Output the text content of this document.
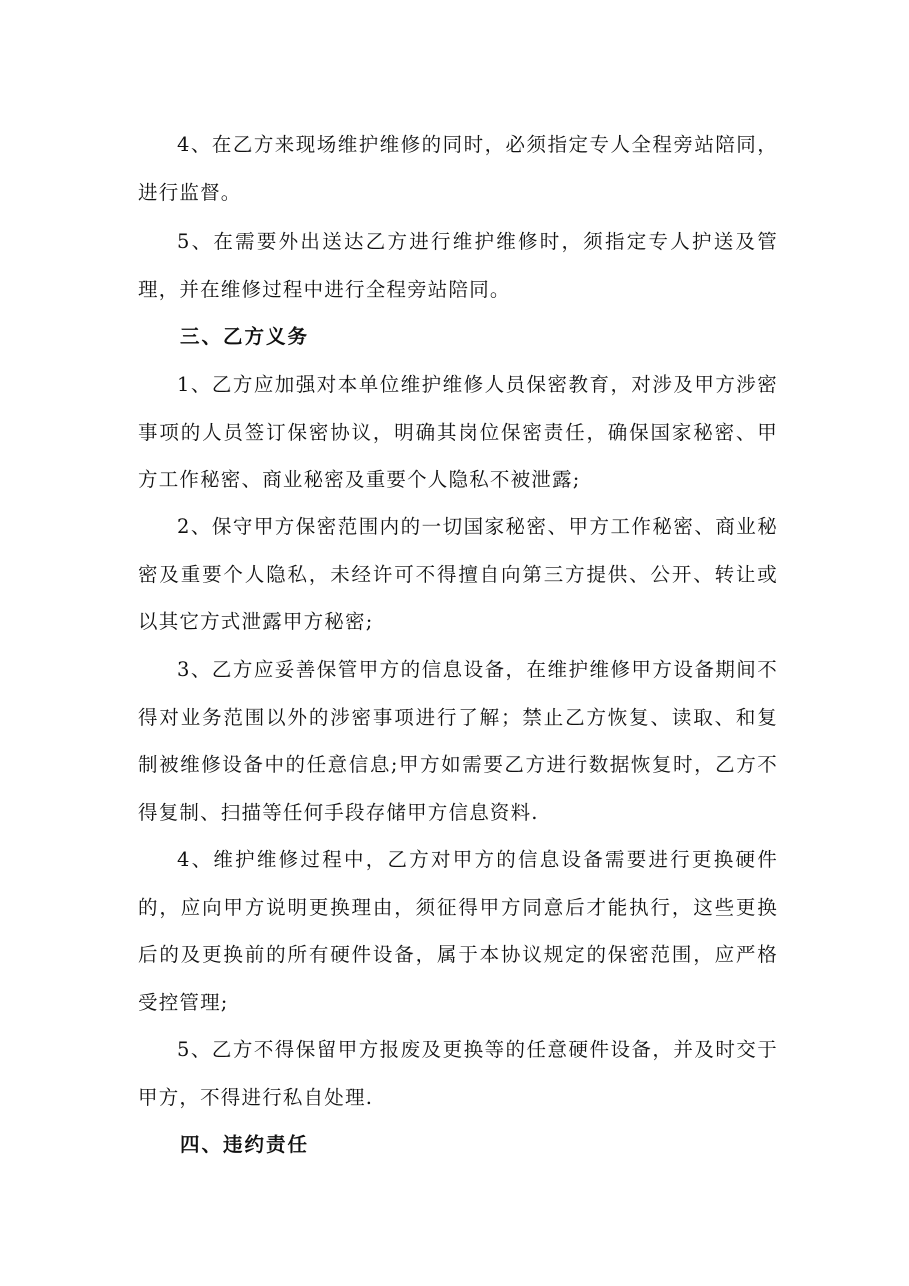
4、在乙方来现场维护维修的同时，必须指定专人全程旁站陪同，进行监督。

5、在需要外出送达乙方进行维护维修时，须指定专人护送及管理，并在维修过程中进行全程旁站陪同。

三、乙方义务

1、乙方应加强对本单位维护维修人员保密教育，对涉及甲方涉密事项的人员签订保密协议，明确其岗位保密责任，确保国家秘密、甲方工作秘密、商业秘密及重要个人隐私不被泄露;

2、保守甲方保密范围内的一切国家秘密、甲方工作秘密、商业秘密及重要个人隐私，未经许可不得擅自向第三方提供、公开、转让或以其它方式泄露甲方秘密;

3、乙方应妥善保管甲方的信息设备，在维护维修甲方设备期间不得对业务范围以外的涉密事项进行了解；禁止乙方恢复、读取、和复制被维修设备中的任意信息;甲方如需要乙方进行数据恢复时，乙方不得复制、扫描等任何手段存储甲方信息资料.

4、维护维修过程中，乙方对甲方的信息设备需要进行更换硬件的，应向甲方说明更换理由，须征得甲方同意后才能执行，这些更换后的及更换前的所有硬件设备，属于本协议规定的保密范围，应严格受控管理;

5、乙方不得保留甲方报废及更换等的任意硬件设备，并及时交于甲方，不得进行私自处理.

四、违约责任
